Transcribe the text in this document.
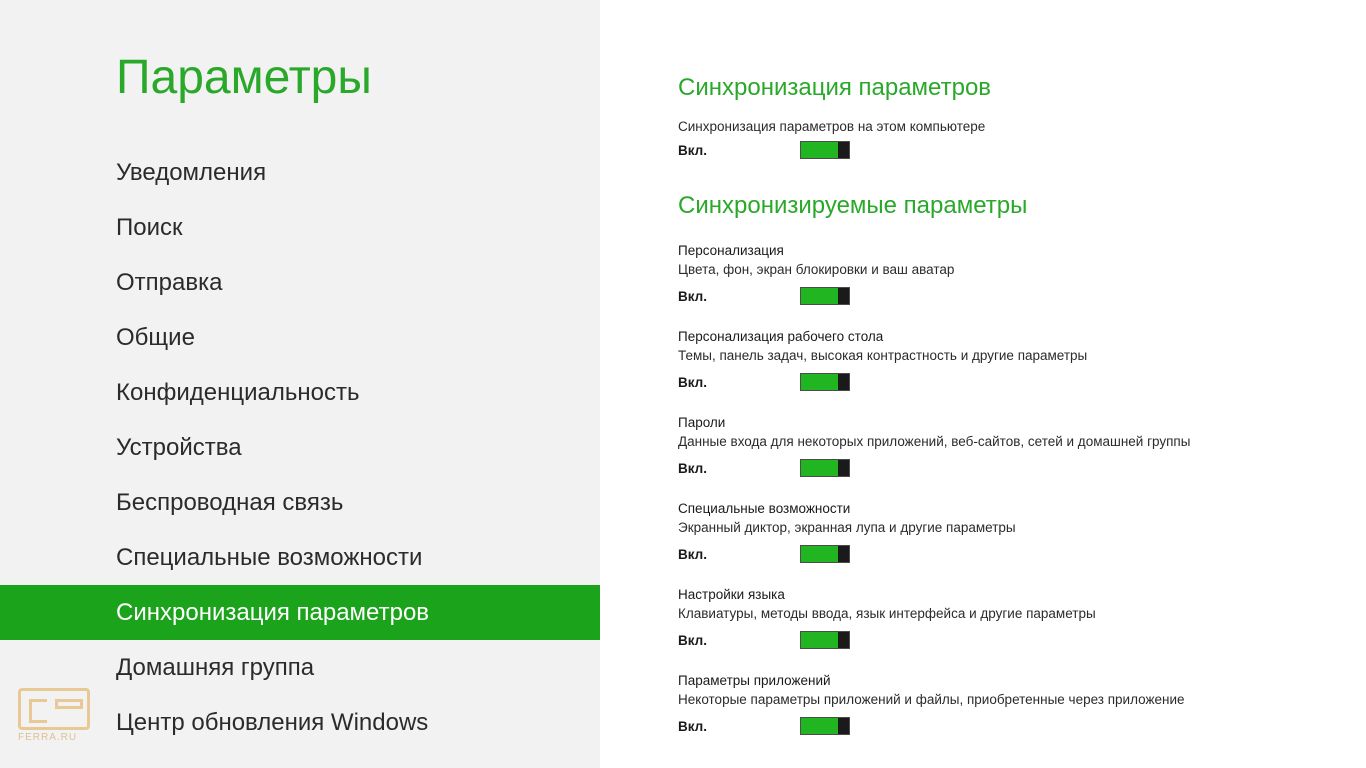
Параметры
Уведомления
Поиск
Отправка
Общие
Конфиденциальность
Устройства
Беспроводная связь
Специальные возможности
Синхронизация параметров
Домашняя группа
Центр обновления Windows
FERRA.RU
Синхронизация параметров
Синхронизация параметров на этом компьютере
Вкл.
Синхронизируемые параметры
Персонализация
Цвета, фон, экран блокировки и ваш аватар
Вкл.
Персонализация рабочего стола
Темы, панель задач, высокая контрастность и другие параметры
Вкл.
Пароли
Данные входа для некоторых приложений, веб-сайтов, сетей и домашней группы
Вкл.
Специальные возможности
Экранный диктор, экранная лупа и другие параметры
Вкл.
Настройки языка
Клавиатуры, методы ввода, язык интерфейса и другие параметры
Вкл.
Параметры приложений
Некоторые параметры приложений и файлы, приобретенные через приложение
Вкл.
